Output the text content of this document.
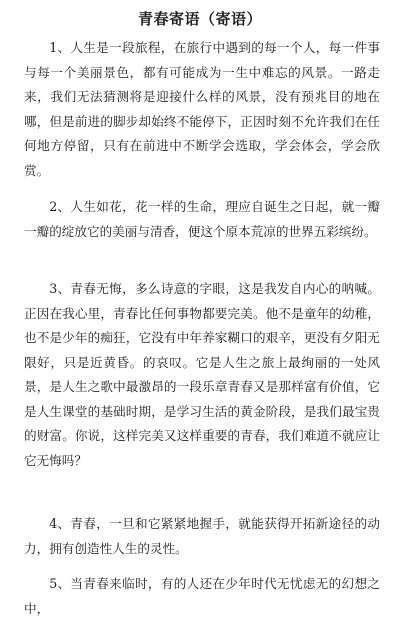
青春寄语（寄语）

1、人生是一段旅程，在旅行中遇到的每一个人，每一件事与每一个美丽景色，都有可能成为一生中难忘的风景。一路走来，我们无法猜测将是迎接什么样的风景，没有预兆目的地在哪，但是前进的脚步却始终不能停下，正因时刻不允许我们在任何地方停留，只有在前进中不断学会选取，学会体会，学会欣赏。

2、人生如花，花一样的生命，理应自诞生之日起，就一瓣一瓣的绽放它的美丽与清香，便这个原本荒凉的世界五彩缤纷。

3、青春无悔，多么诗意的字眼，这是我发自内心的呐喊。正因在我心里，青春比任何事物都要完美。他不是童年的幼稚，也不是少年的痴狂，它没有中年养家糊口的艰辛，更没有夕阳无限好，只是近黄昏。的哀叹。它是人生之旅上最绚丽的一处风景，是人生之歌中最激昂的一段乐章青春又是那样富有价值，它是人生课堂的基础时期，是学习生活的黄金阶段，是我们最宝贵的财富。你说，这样完美又这样重要的青春，我们难道不就应让它无悔吗？

4、青春，一旦和它紧紧地握手，就能获得开拓新途径的动力，拥有创造性人生的灵性。

5、当青春来临时，有的人还在少年时代无忧虑无的幻想之中，
